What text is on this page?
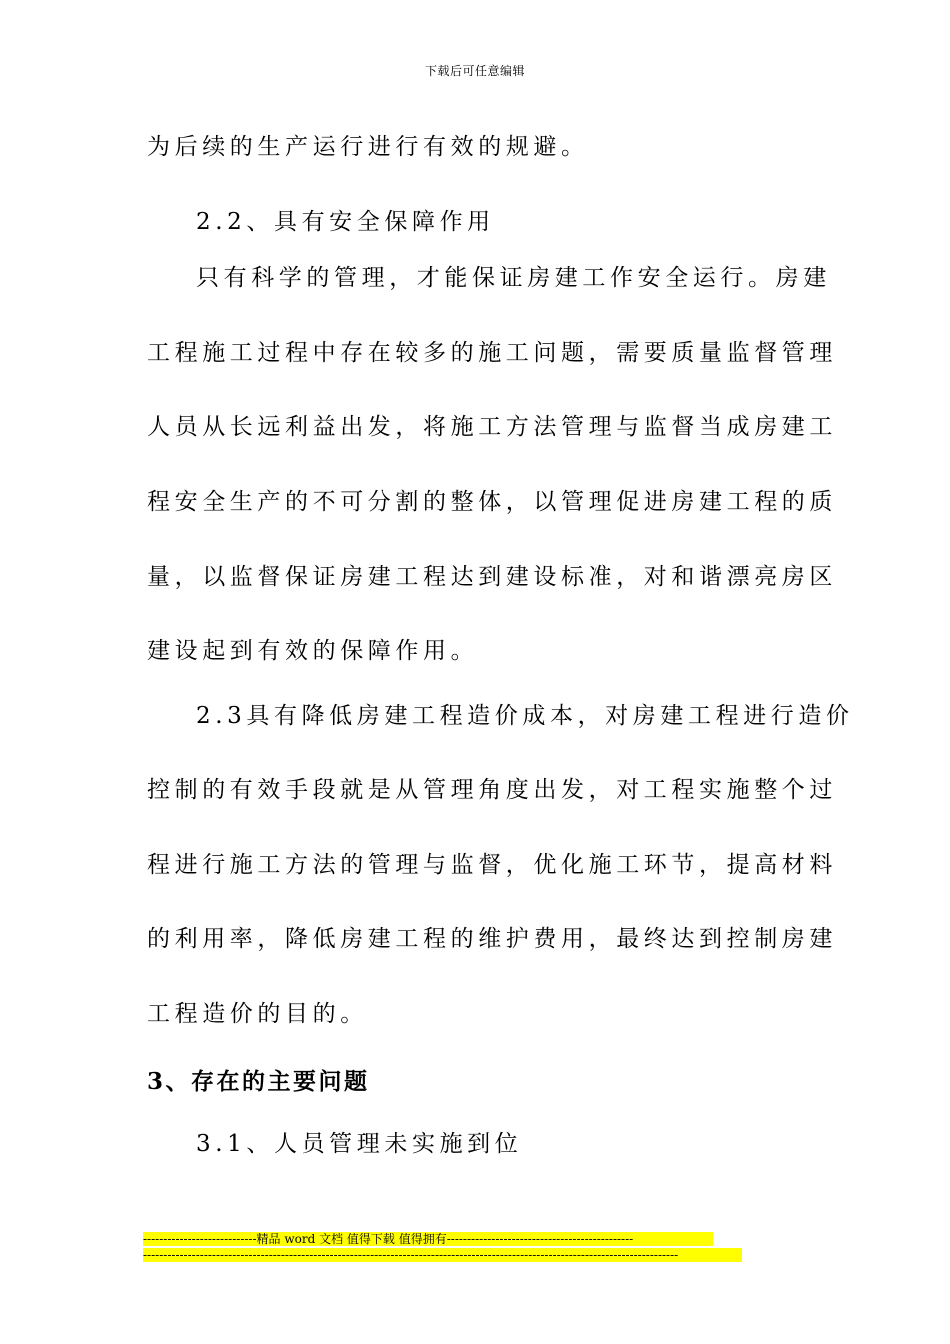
下载后可任意编辑
为后续的生产运行进行有效的规避。
2.2、具有安全保障作用
只有科学的管理，才能保证房建工作安全运行。房建
工程施工过程中存在较多的施工问题，需要质量监督管理
人员从长远利益出发，将施工方法管理与监督当成房建工
程安全生产的不可分割的整体，以管理促进房建工程的质
量，以监督保证房建工程达到建设标准，对和谐漂亮房区
建设起到有效的保障作用。
2.3具有降低房建工程造价成本，对房建工程进行造价
控制的有效手段就是从管理角度出发，对工程实施整个过
程进行施工方法的管理与监督，优化施工环节，提高材料
的利用率，降低房建工程的维护费用，最终达到控制房建
工程造价的目的。
3、存在的主要问题
3.1、人员管理未实施到位
----------------------------精品 word 文档 值得下载 值得拥有----------------------------------------------
------------------------------------------------------------------------------------------------------------------------------------
